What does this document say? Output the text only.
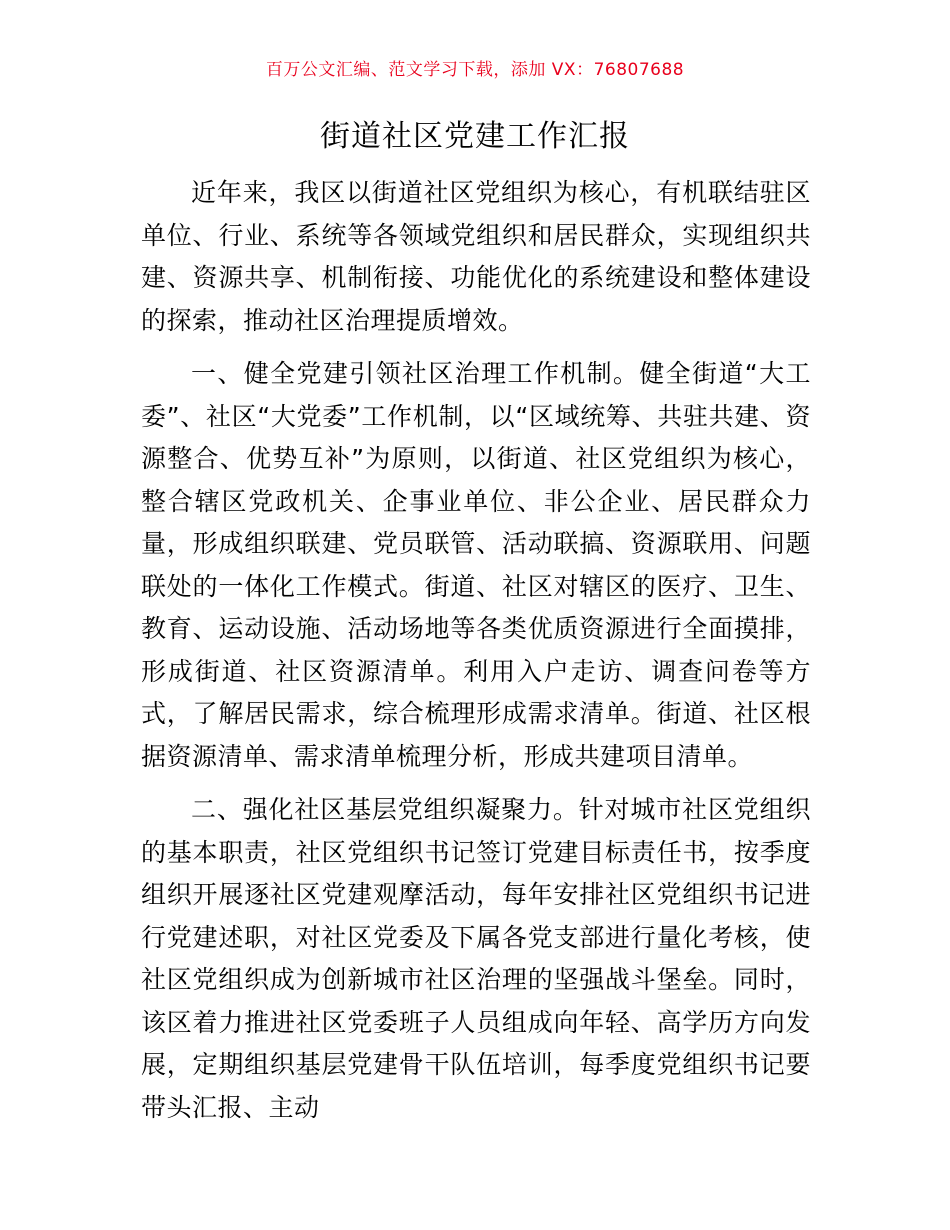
百万公文汇编、范文学习下载，添加 VX：76807688
街道社区党建工作汇报

近年来，我区以街道社区党组织为核心，有机联结驻区单位、行业、系统等各领域党组织和居民群众，实现组织共建、资源共享、机制衔接、功能优化的系统建设和整体建设的探索，推动社区治理提质增效。

一、健全党建引领社区治理工作机制。健全街道“大工委”、社区“大党委”工作机制，以“区域统筹、共驻共建、资源整合、优势互补”为原则，以街道、社区党组织为核心，整合辖区党政机关、企事业单位、非公企业、居民群众力量，形成组织联建、党员联管、活动联搞、资源联用、问题联处的一体化工作模式。街道、社区对辖区的医疗、卫生、教育、运动设施、活动场地等各类优质资源进行全面摸排，形成街道、社区资源清单。利用入户走访、调查问卷等方式，了解居民需求，综合梳理形成需求清单。街道、社区根据资源清单、需求清单梳理分析，形成共建项目清单。

二、强化社区基层党组织凝聚力。针对城市社区党组织的基本职责，社区党组织书记签订党建目标责任书，按季度组织开展逐社区党建观摩活动，每年安排社区党组织书记进行党建述职，对社区党委及下属各党支部进行量化考核，使社区党组织成为创新城市社区治理的坚强战斗堡垒。同时，该区着力推进社区党委班子人员组成向年轻、高学历方向发展，定期组织基层党建骨干队伍培训，每季度党组织书记要带头汇报、主动
